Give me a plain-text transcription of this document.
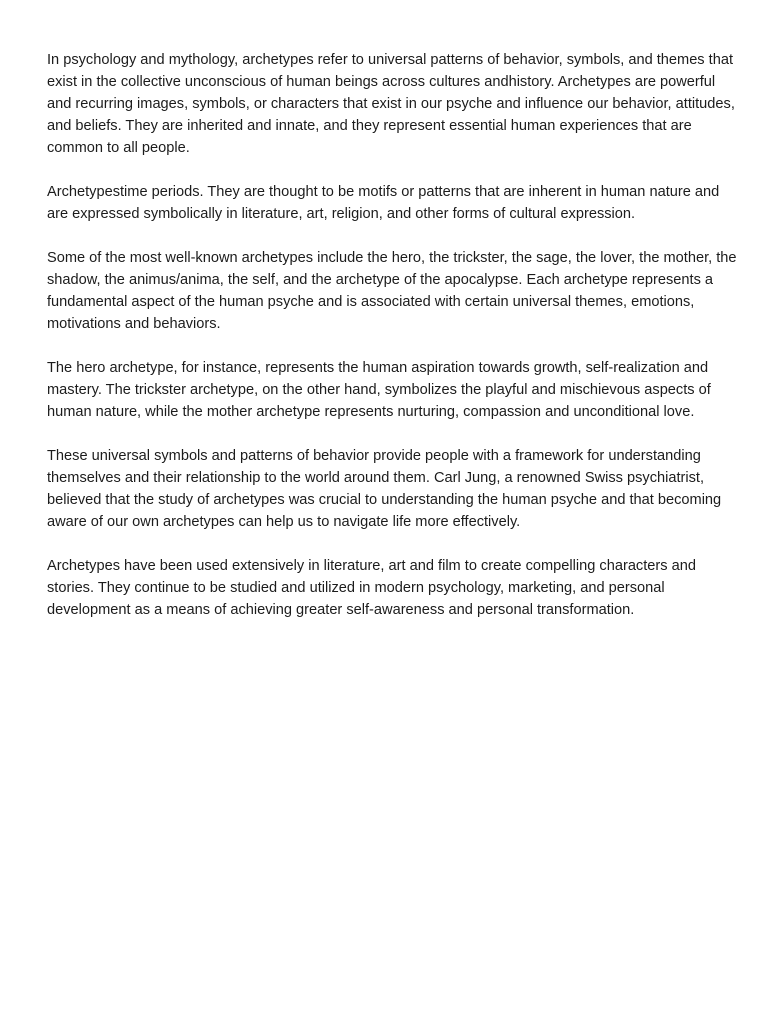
In psychology and mythology, archetypes refer to universal patterns of behavior, symbols, and themes that exist in the collective unconscious of human beings across cultures andhistory. Archetypes are powerful and recurring images, symbols, or characters that exist in our psyche and influence our behavior, attitudes, and beliefs. They are inherited and innate, and they represent essential human experiences that are common to all people.

Archetypestime periods. They are thought to be motifs or patterns that are inherent in human nature and are expressed symbolically in literature, art, religion, and other forms of cultural expression.

Some of the most well-known archetypes include the hero, the trickster, the sage, the lover, the mother, the shadow, the animus/anima, the self, and the archetype of the apocalypse. Each archetype represents a fundamental aspect of the human psyche and is associated with certain universal themes, emotions, motivations and behaviors.

The hero archetype, for instance, represents the human aspiration towards growth, self-realization and mastery. The trickster archetype, on the other hand, symbolizes the playful and mischievous aspects of human nature, while the mother archetype represents nurturing, compassion and unconditional love.

These universal symbols and patterns of behavior provide people with a framework for understanding themselves and their relationship to the world around them. Carl Jung, a renowned Swiss psychiatrist, believed that the study of archetypes was crucial to understanding the human psyche and that becoming aware of our own archetypes can help us to navigate life more effectively.

Archetypes have been used extensively in literature, art and film to create compelling characters and stories. They continue to be studied and utilized in modern psychology, marketing, and personal development as a means of achieving greater self-awareness and personal transformation.
